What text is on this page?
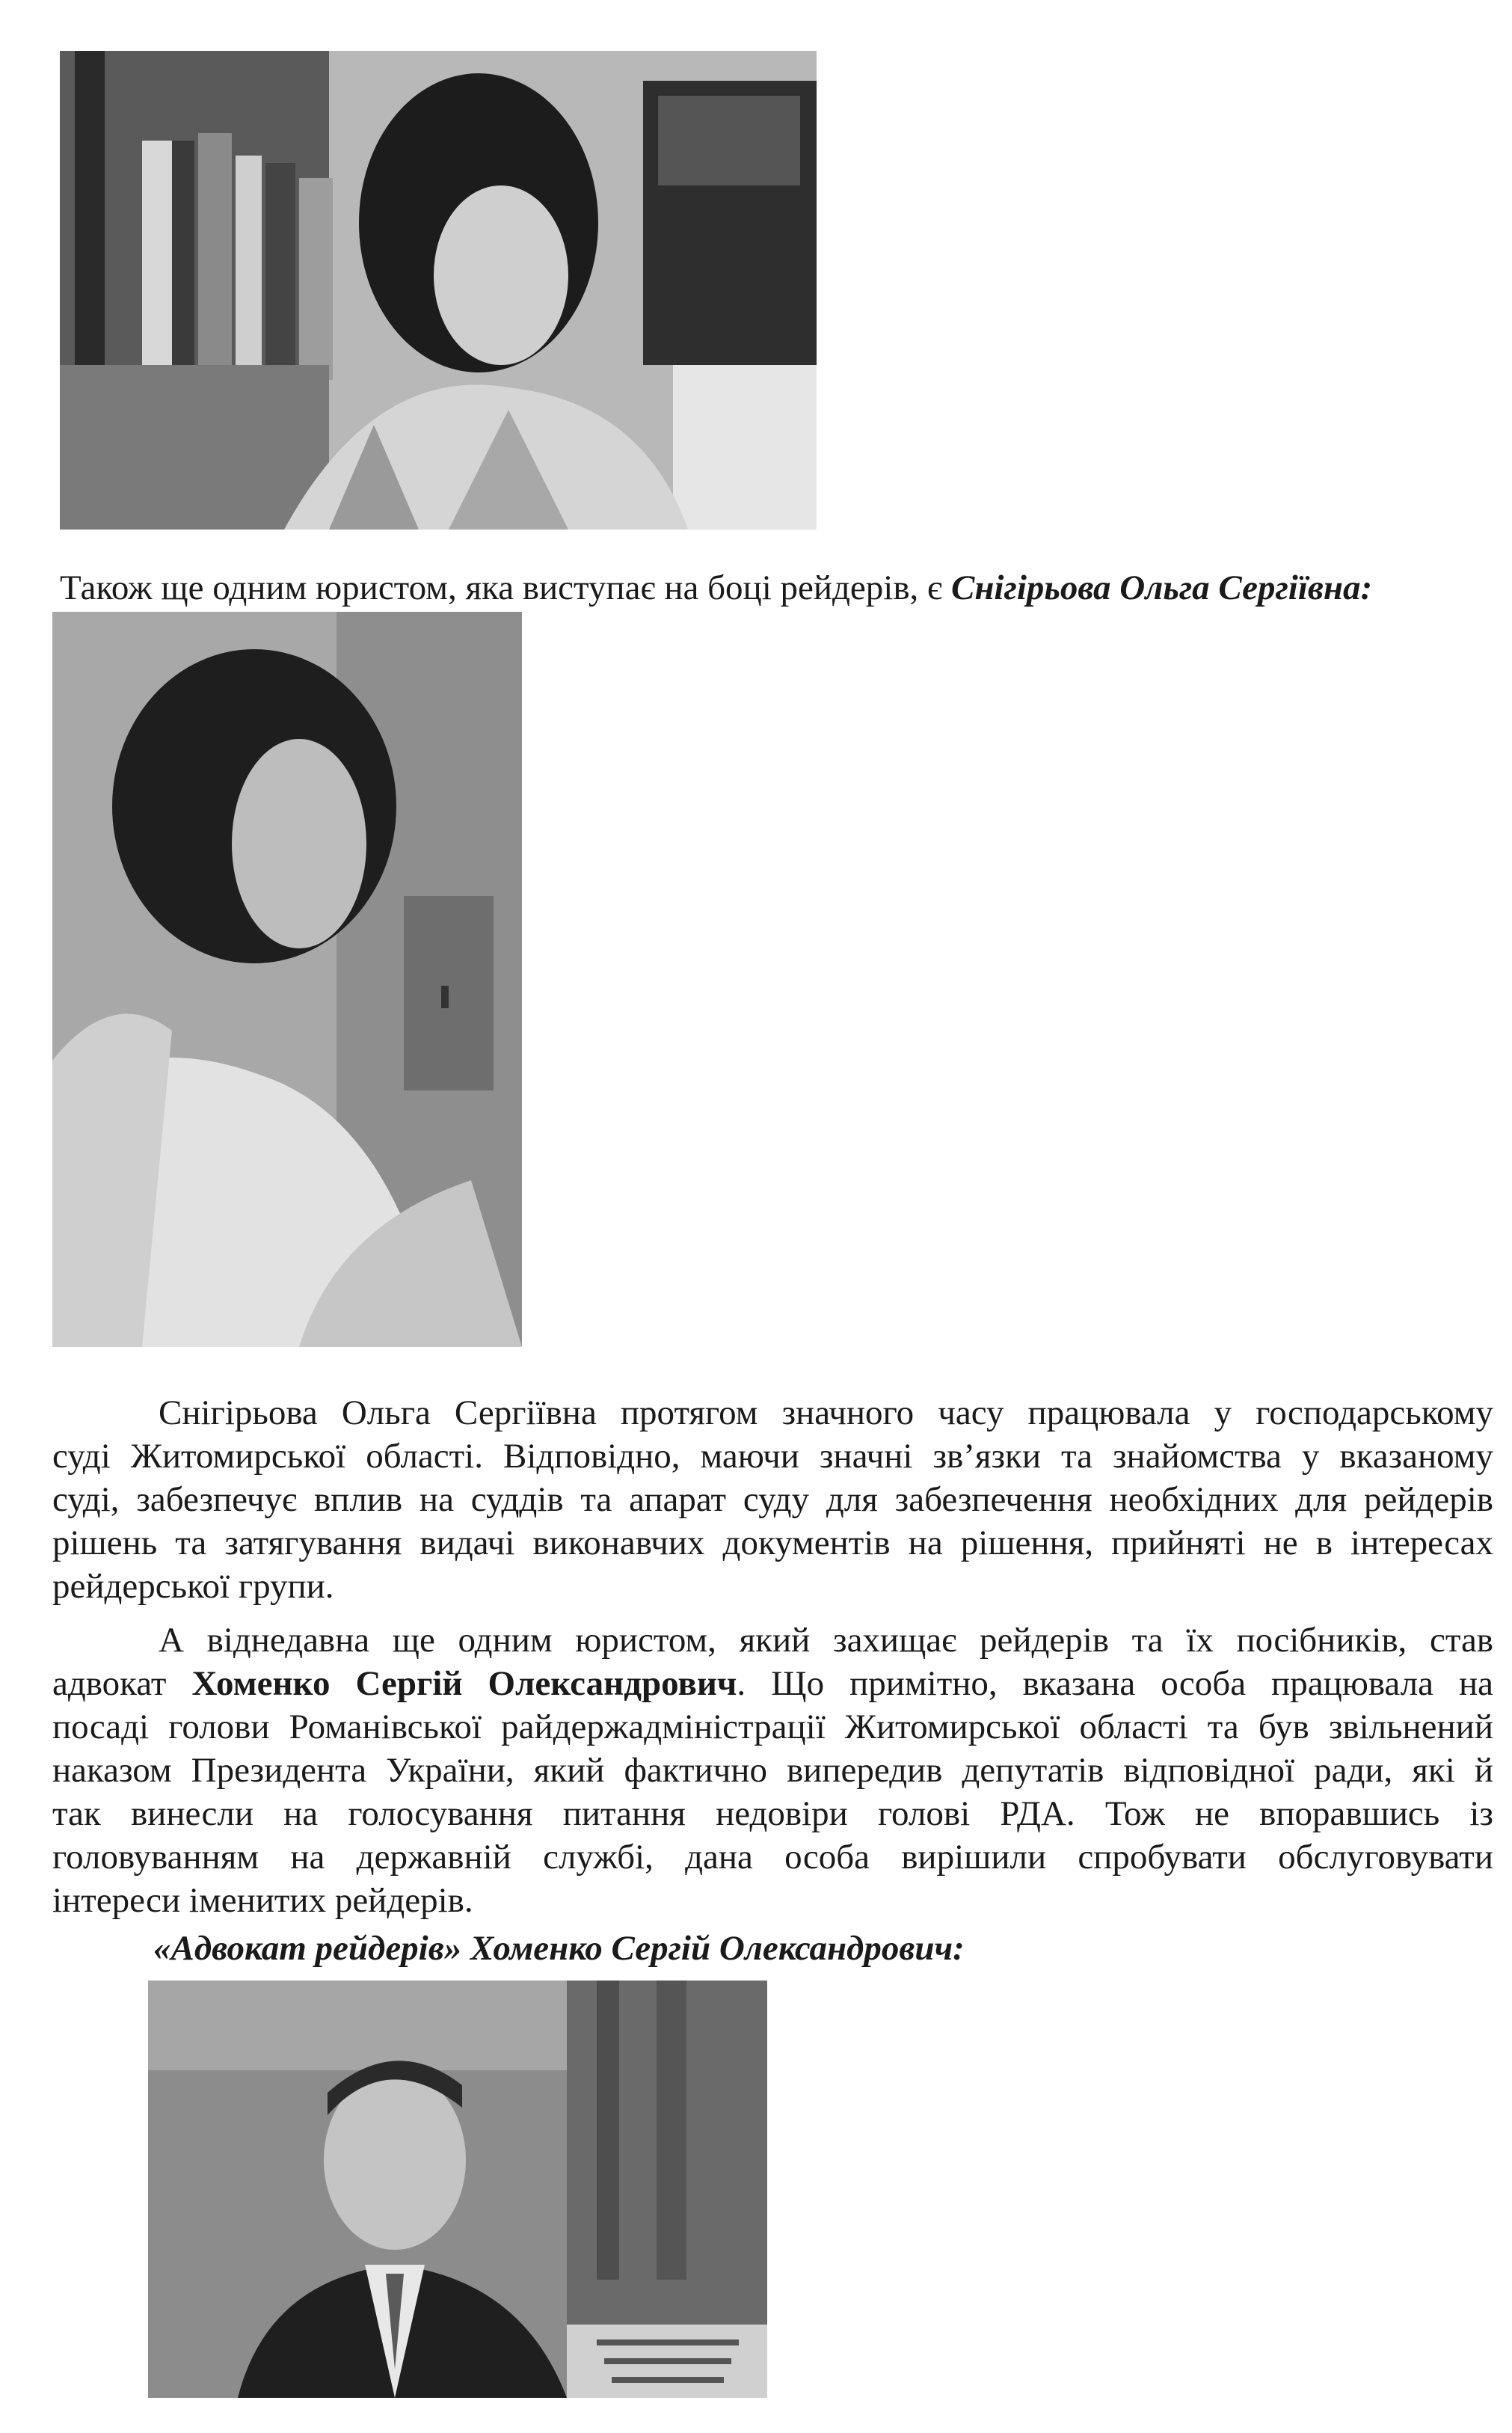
Також ще одним юристом, яка виступає на боці рейдерів, є Снігірьова Ольга Сергіївна:
Снігірьова Ольга Сергіївна протягом значного часу працювала у господарському
суді Житомирської області. Відповідно, маючи значні зв’язки та знайомства у вказаному
суді, забезпечує вплив на суддів та апарат суду для забезпечення необхідних для рейдерів
рішень та затягування видачі виконавчих документів на рішення, прийняті не в інтересах
рейдерської групи.
А віднедавна ще одним юристом, який захищає рейдерів та їх посібників, став
адвокат Хоменко Сергій Олександрович. Що примітно, вказана особа працювала на
посаді голови Романівської райдержадміністрації Житомирської області та був звільнений
наказом Президента України, який фактично випередив депутатів відповідної ради, які й
так винесли на голосування питання недовіри голові РДА. Тож не впоравшись із
головуванням на державній службі, дана особа вирішили спробувати обслуговувати
інтереси іменитих рейдерів.
«Адвокат рейдерів» Хоменко Сергій Олександрович:
